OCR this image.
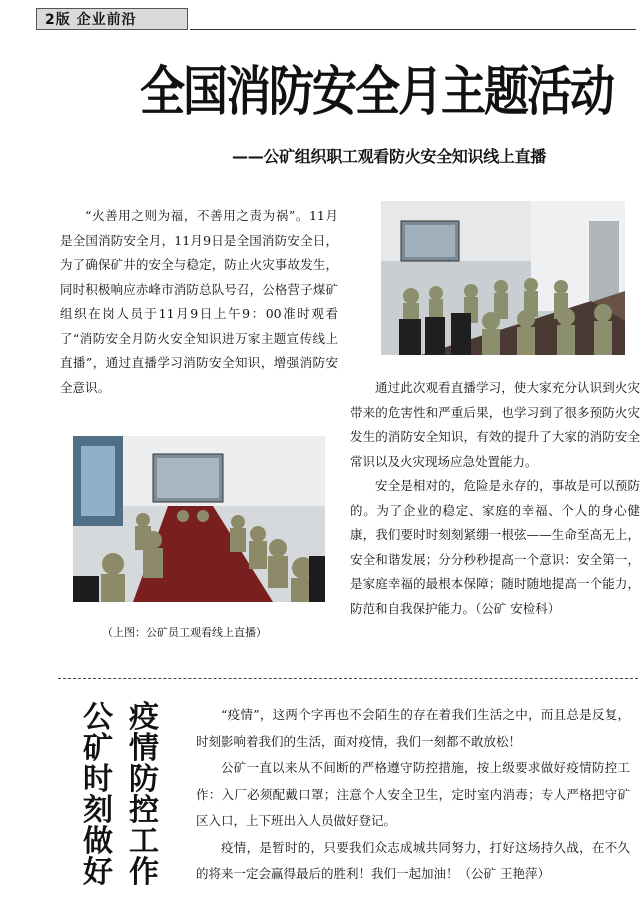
2版 企业前沿
全国消防安全月主题活动
——公矿组织职工观看防火安全知识线上直播

“火善用之则为福，不善用之责为祸”。11月是全国消防安全月，11月9日是全国消防安全日，为了确保矿井的安全与稳定，防止火灾事故发生，同时积极响应赤峰市消防总队号召，公格营子煤矿组织在岗人员于11月9日上午9：00准时观看了“消防安全月防火安全知识进万家主题宣传线上直播”，通过直播学习消防安全知识，增强消防安全意识。	通过此次观看直播学习，使大家充分认识到火灾带来的危害性和严重后果，也学习到了很多预防火灾发生的消防安全知识，有效的提升了大家的消防安全常识以及火灾现场应急处置能力。

安全是相对的，危险是永存的，事故是可以预防的。为了企业的稳定、家庭的幸福、个人的身心健康，我们要时时刻刻紧绷一根弦——生命至高无上，安全和谐发展；分分秒秒提高一个意识：安全第一，是家庭幸福的最根本保障；随时随地提高一个能力，防范和自我保护能力。（公矿 安检科）

（上图：公矿员工观看线上直播）
公
矿
时
刻
做
好
疫
情
防
控
工
作

“疫情”，这两个字再也不会陌生的存在着我们生活之中，而且总是反复，时刻影响着我们的生活，面对疫情，我们一刻都不敢放松！

公矿一直以来从不间断的严格遵守防控措施，按上级要求做好疫情防控工作：入厂必须配戴口罩；注意个人安全卫生，定时室内消毒；专人严格把守矿区入口，上下班出入人员做好登记。

疫情，是暂时的，只要我们众志成城共同努力，打好这场持久战，在不久的将来一定会赢得最后的胜利！我们一起加油！（公矿 王艳萍）
